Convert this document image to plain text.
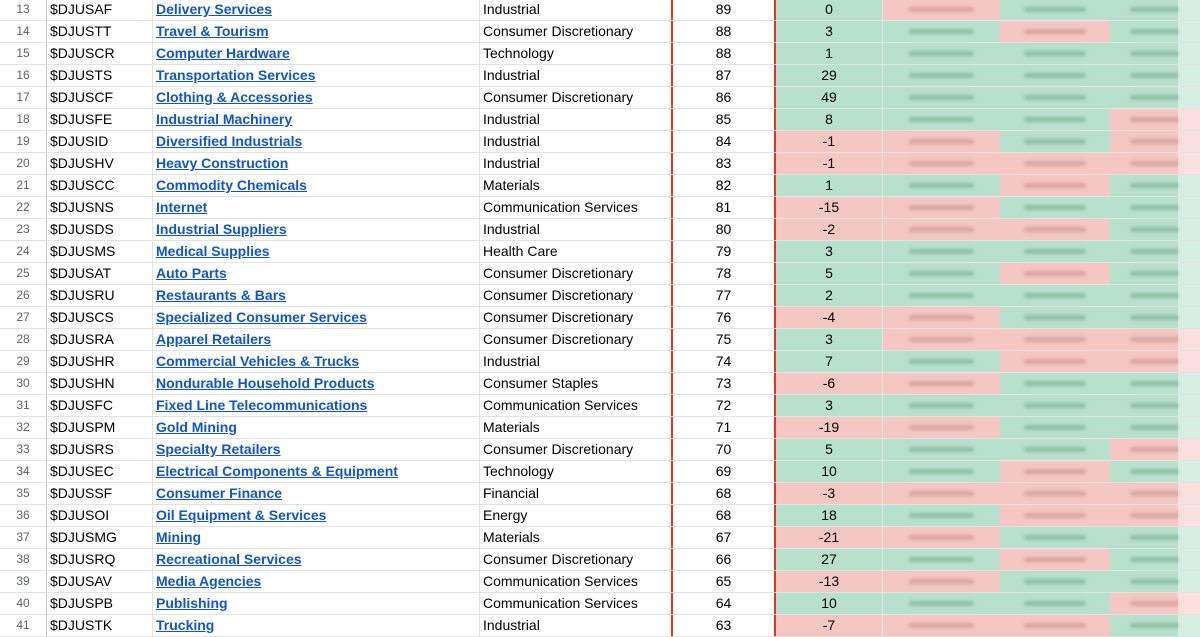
13	$DJUSAF	Delivery Services	Industrial	89	0
14	$DJUSTT	Travel & Tourism	Consumer Discretionary	88	3
15	$DJUSCR	Computer Hardware	Technology	88	1
16	$DJUSTS	Transportation Services	Industrial	87	29
17	$DJUSCF	Clothing & Accessories	Consumer Discretionary	86	49
18	$DJUSFE	Industrial Machinery	Industrial	85	8
19	$DJUSID	Diversified Industrials	Industrial	84	-1
20	$DJUSHV	Heavy Construction	Industrial	83	-1
21	$DJUSCC	Commodity Chemicals	Materials	82	1
22	$DJUSNS	Internet	Communication Services	81	-15
23	$DJUSDS	Industrial Suppliers	Industrial	80	-2
24	$DJUSMS	Medical Supplies	Health Care	79	3
25	$DJUSAT	Auto Parts	Consumer Discretionary	78	5
26	$DJUSRU	Restaurants & Bars	Consumer Discretionary	77	2
27	$DJUSCS	Specialized Consumer Services	Consumer Discretionary	76	-4
28	$DJUSRA	Apparel Retailers	Consumer Discretionary	75	3
29	$DJUSHR	Commercial Vehicles & Trucks	Industrial	74	7
30	$DJUSHN	Nondurable Household Products	Consumer Staples	73	-6
31	$DJUSFC	Fixed Line Telecommunications	Communication Services	72	3
32	$DJUSPM	Gold Mining	Materials	71	-19
33	$DJUSRS	Specialty Retailers	Consumer Discretionary	70	5
34	$DJUSEC	Electrical Components & Equipment	Technology	69	10
35	$DJUSSF	Consumer Finance	Financial	68	-3
36	$DJUSOI	Oil Equipment & Services	Energy	68	18
37	$DJUSMG	Mining	Materials	67	-21
38	$DJUSRQ	Recreational Services	Consumer Discretionary	66	27
39	$DJUSAV	Media Agencies	Communication Services	65	-13
40	$DJUSPB	Publishing	Communication Services	64	10
41	$DJUSTK	Trucking	Industrial	63	-7
